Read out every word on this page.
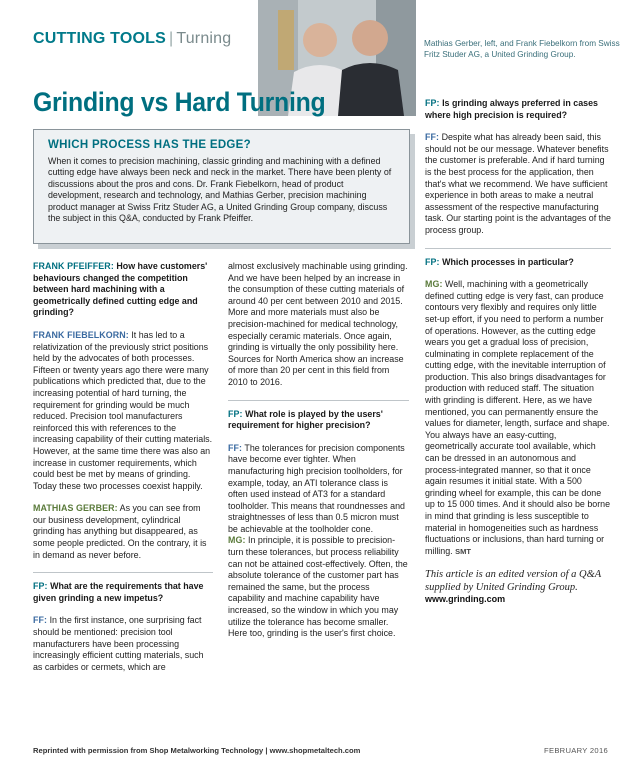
CUTTING TOOLS | Turning	Mathias Gerber, left, and Frank Fiebelkorn from Swiss Fritz Studer AG, a United Grinding Group.
Grinding vs Hard Turning
WHICH PROCESS HAS THE EDGE?
When it comes to precision machining, classic grinding and machining with a defined cutting edge have always been neck and neck in the market. There have been plenty of discussions about the pros and cons. Dr. Frank Fiebelkorn, head of product development, research and technology, and Mathias Gerber, precision machining product manager at Swiss Fritz Studer AG, a United Grinding Group company, discuss the subject in this Q&A, conducted by Frank Pfeiffer.
FRANK PFEIFFER: How have customers' behaviours changed the competition between hard machining with a geometrically defined cutting edge and grinding?
FRANK FIEBELKORN: It has led to a relativization of the previously strict positions held by the advocates of both processes. Fifteen or twenty years ago there were many publications which predicted that, due to the increasing potential of hard turning, the requirement for grinding would be much reduced. Precision tool manufacturers reinforced this with references to the increasing capability of their cutting materials. However, at the same time there was also an increase in customer requirements, which could best be met by means of grinding. Today these two processes coexist happily.
MATHIAS GERBER: As you can see from our business development, cylindrical grinding has anything but disappeared, as some people predicted. On the contrary, it is in demand as never before.
FP: What are the requirements that have given grinding a new impetus?
FF: In the first instance, one surprising fact should be mentioned: precision tool manufacturers have been processing increasingly efficient cutting materials, such as carbides or cermets, which are
almost exclusively machinable using grinding. And we have been helped by an increase in the consumption of these cutting materials of around 40 per cent between 2010 and 2015. More and more materials must also be precision-machined for medical technology, especially ceramic materials. Once again, grinding is virtually the only possibility here. Sources for North America show an increase of more than 20 per cent in this field from 2010 to 2016.
FP: What role is played by the users' requirement for higher precision?
FF: The tolerances for precision components have become ever tighter. When manufacturing high precision toolholders, for example, today, an ATI tolerance class is often used instead of AT3 for a standard toolholder. This means that roundnesses and straightnesses of less than 0.5 micron must be achievable at the toolholder cone.
MG: In principle, it is possible to precision-turn these tolerances, but process reliability can not be attained cost-effectively. Often, the absolute tolerance of the customer part has remained the same, but the process capability and machine capability have increased, so the window in which you may utilize the tolerance has become smaller. Here too, grinding is the user's first choice.
FP: Is grinding always preferred in cases where high precision is required?
FF: Despite what has already been said, this should not be our message. Whatever benefits the customer is preferable. And if hard turning is the best process for the application, then that's what we recommend. We have sufficient experience in both areas to make a neutral assessment of the respective manufacturing task. Our starting point is the advantages of the process group.
FP: Which processes in particular?
MG: Well, machining with a geometrically defined cutting edge is very fast, can produce contours very flexibly and requires only little set-up effort, if you need to perform a number of operations. However, as the cutting edge wears you get a gradual loss of precision, culminating in complete replacement of the cutting edge, with the inevitable interruption of production. This also brings disadvantages for production with reduced staff. The situation with grinding is different. Here, as we have mentioned, you can permanently ensure the values for diameter, length, surface and shape. You always have an easy-cutting, geometrically accurate tool available, which can be dressed in an autonomous and process-integrated manner, so that it once again resumes it initial state. With a 500 grinding wheel for example, this can be done up to 15 000 times. And it should also be borne in mind that grinding is less susceptible to material in homogeneities such as hardness fluctuations or inclusions, than hard turning or milling. SMT
This article is an edited version of a Q&A supplied by United Grinding Group.
www.grinding.com
Reprinted with permission from Shop Metalworking Technology | www.shopmetaltech.com	FEBRUARY 2016
